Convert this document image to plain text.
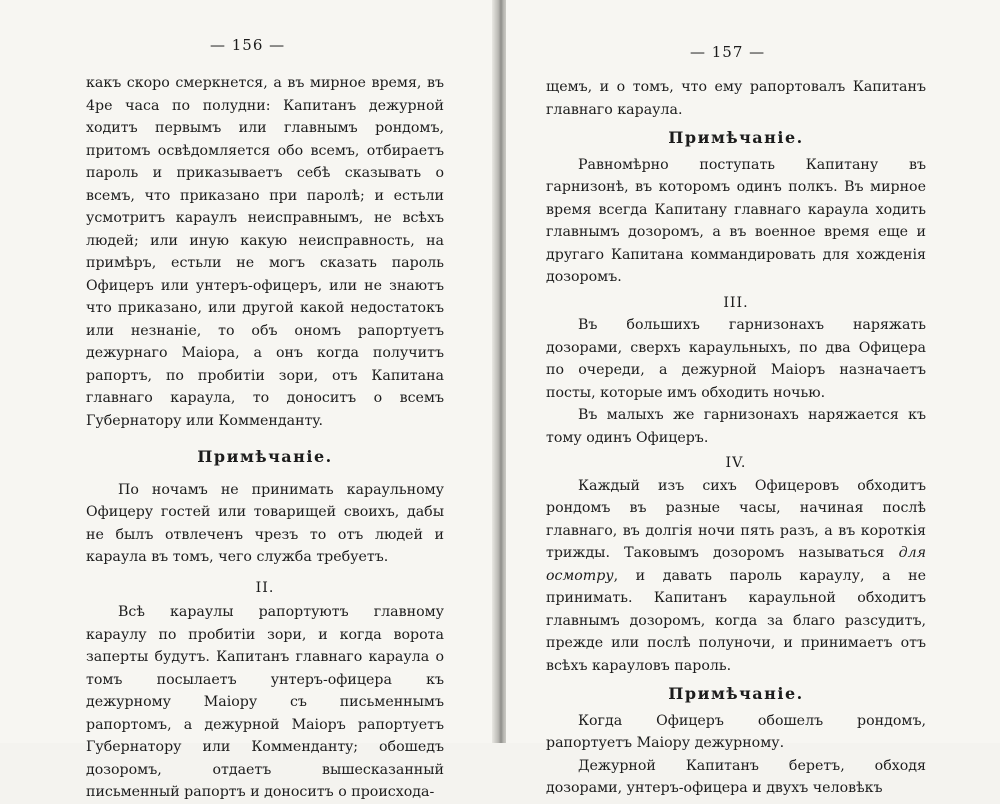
— 156 —

какъ скоро смеркнется, а въ мирное время, въ 4ре часа по полудни: Капитанъ дежурной ходитъ первымъ или главнымъ рондомъ, притомъ освѣдомляется обо всемъ, отбираетъ пароль и приказываетъ себѣ сказывать о всемъ, что приказано при паролѣ; и естьли усмотритъ караулъ неисправнымъ, не всѣхъ людей; или иную какую неисправность, на примѣръ, естьли не могъ сказать пароль Офицеръ или унтеръ-офицеръ, или не знаютъ что приказано, или другой какой недостатокъ или незнаніе, то объ ономъ рапортуетъ дежурнаго Маiора, а онъ когда получитъ рапортъ, по пробитіи зори, отъ Капитана главнаго караула, то доноситъ о всемъ Губернатору или Коммендантy.

Примѣчаніе.

По ночамъ не принимать караульному Офицеру гостей или товарищей своихъ, дабы не былъ отвлеченъ чрезъ то отъ людей и караула въ томъ, чего служба требуетъ.

II.

Всѣ караулы рапортуютъ главному караулу по пробитіи зори, и когда ворота заперты будутъ. Капитанъ главнаго караула о томъ посылаетъ унтеръ-офицера къ дежурному Маiору съ письменнымъ рапортомъ, а дежурной Маiоръ рапортуетъ Губернатору или Коммендантy; обошедъ дозоромъ, отдаетъ вышесказанный письменный рапортъ и доноситъ о происхода-

— 157 —

щемъ, и о томъ, что ему рапортовалъ Капитанъ главнаго караула.

Примѣчаніе.

Равномѣрно поступать Капитану въ гарнизонѣ, въ которомъ одинъ полкъ. Въ мирное время всегда Капитану главнаго караула ходить главнымъ дозоромъ, а въ военное время еще и другаго Капитана коммандировать для хожденія дозоромъ.

III.

Въ большихъ гарнизонахъ наряжать дозорами, сверхъ караульныхъ, по два Офицера по очереди, а дежурной Маiоръ назначаетъ посты, которые имъ обходить ночью.

Въ малыхъ же гарнизонахъ наряжается къ тому одинъ Офицеръ.

IV.

Каждый изъ сихъ Офицеровъ обходитъ рондомъ въ разные часы, начиная послѣ главнаго, въ долгія ночи пять разъ, а въ короткія трижды. Таковымъ дозоромъ называться для осмотру, и давать пароль караулу, а не принимать. Капитанъ караульной обходитъ главнымъ дозоромъ, когда за благо разсудитъ, прежде или послѣ полуночи, и принимаетъ отъ всѣхъ карауловъ пароль.

Примѣчаніе.

Когда Офицеръ обошелъ рондомъ, рапортуетъ Маiору дежурному.

Дежурной Капитанъ беретъ, обходя дозорами, унтеръ-офицера и двухъ человѣкъ
